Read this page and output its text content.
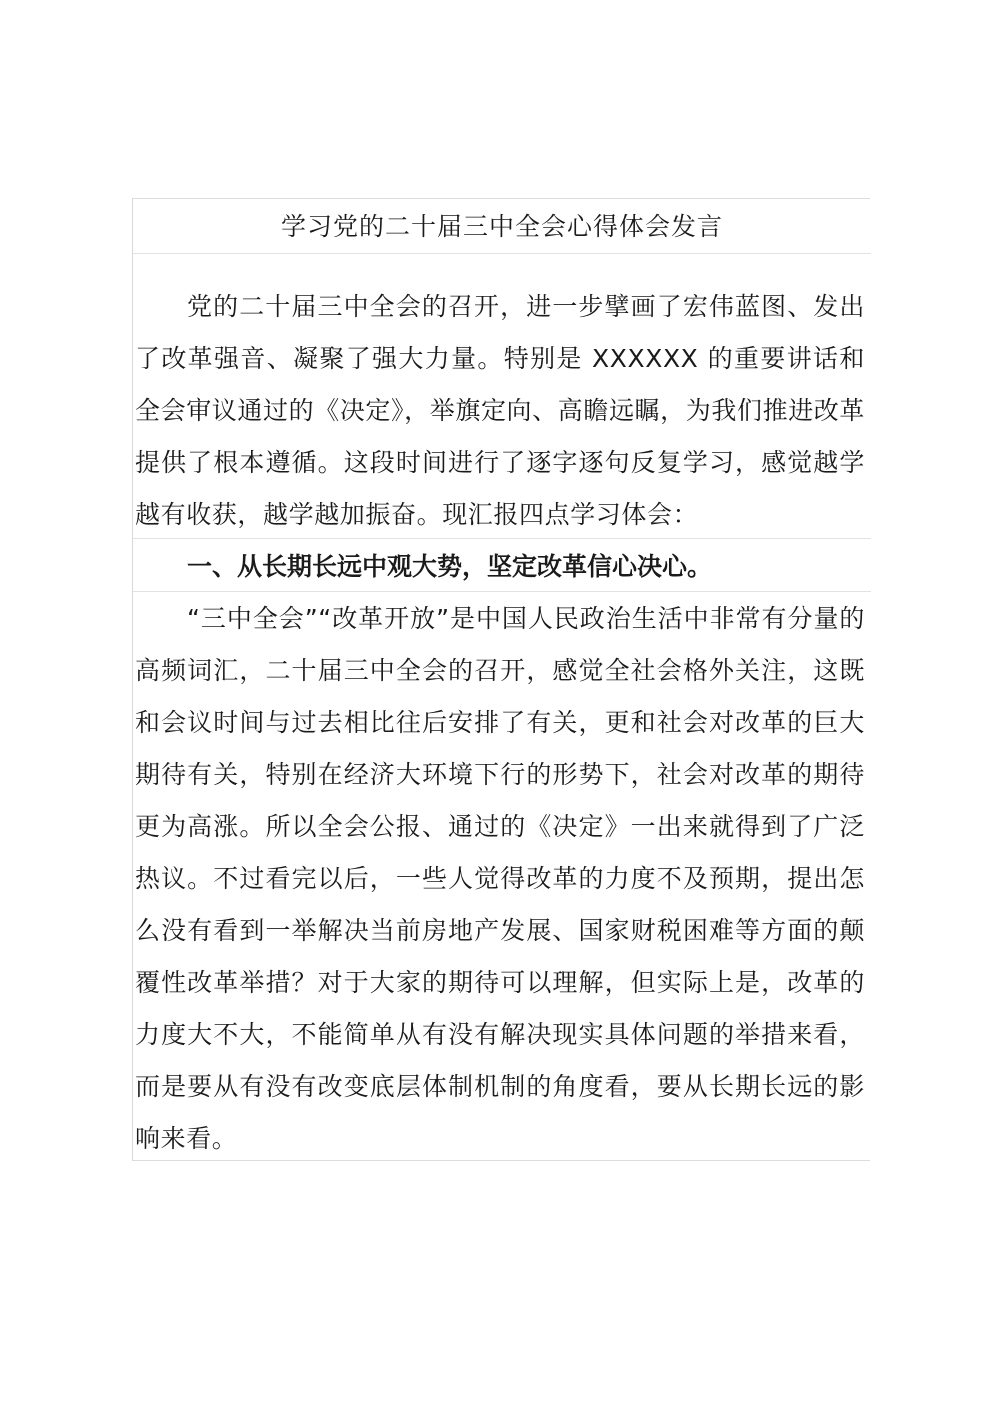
学习党的二十届三中全会心得体会发言
党的二十届三中全会的召开，进一步擘画了宏伟蓝图、发出了改革强音、凝聚了强大力量。特别是 XXXXXX 的重要讲话和全会审议通过的《决定》，举旗定向、高瞻远瞩，为我们推进改革提供了根本遵循。这段时间进行了逐字逐句反复学习，感觉越学越有收获，越学越加振奋。现汇报四点学习体会：
一、从长期长远中观大势，坚定改革信心决心。
“三中全会”“改革开放”是中国人民政治生活中非常有分量的高频词汇，二十届三中全会的召开，感觉全社会格外关注，这既和会议时间与过去相比往后安排了有关，更和社会对改革的巨大期待有关，特别在经济大环境下行的形势下，社会对改革的期待更为高涨。所以全会公报、通过的《决定》一出来就得到了广泛热议。不过看完以后，一些人觉得改革的力度不及预期，提出怎么没有看到一举解决当前房地产发展、国家财税困难等方面的颠覆性改革举措？对于大家的期待可以理解，但实际上是，改革的力度大不大，不能简单从有没有解决现实具体问题的举措来看，而是要从有没有改变底层体制机制的角度看，要从长期长远的影响来看。
